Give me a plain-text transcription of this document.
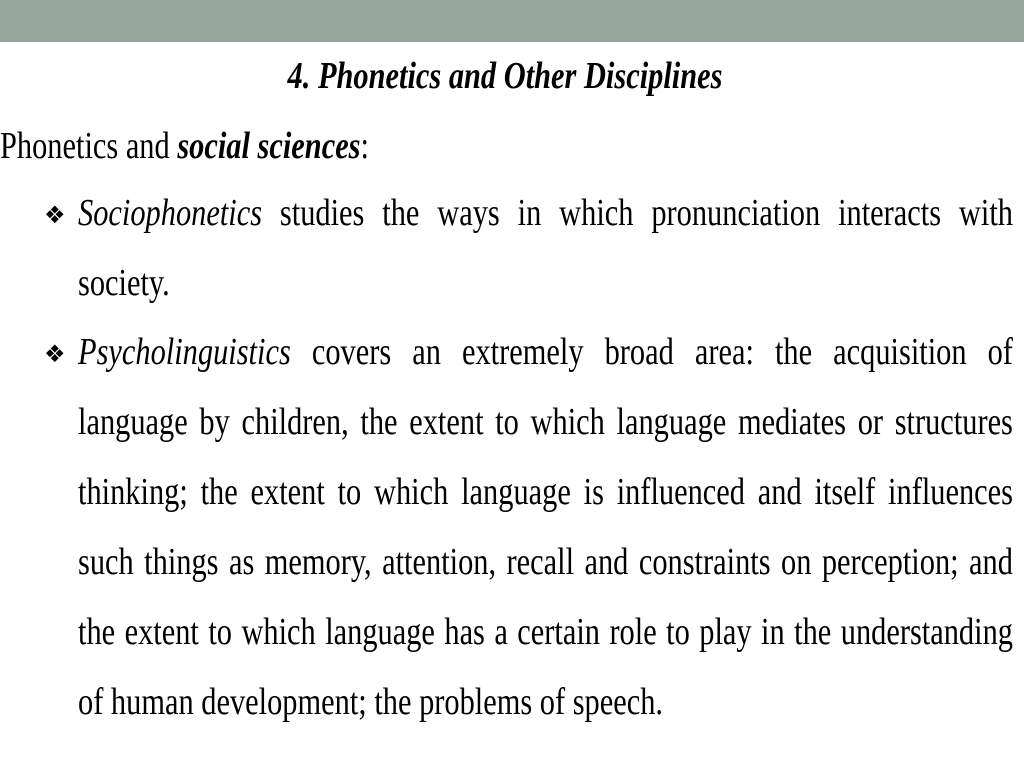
4. Phonetics and Other Disciplines
Phonetics and social sciences:
❖ Sociophonetics studies the ways in which pronunciation interacts with
society.
❖ Psycholinguistics covers an extremely broad area: the acquisition of
language by children, the extent to which language mediates or structures
thinking; the extent to which language is influenced and itself influences
such things as memory, attention, recall and constraints on perception; and
the extent to which language has a certain role to play in the understanding
of human development; the problems of speech.
